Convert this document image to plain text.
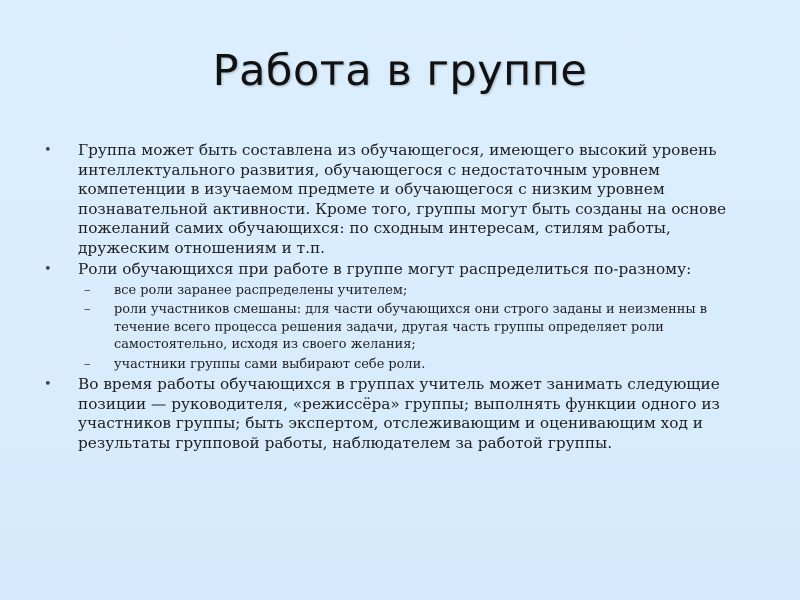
Работа в группе
• Группа может быть составлена из обучающегося, имеющего высокий уровень интеллектуального развития, обучающегося с недостаточным уровнем компетенции в изучаемом предмете и обучающегося с низким уровнем познавательной активности. Кроме того, группы могут быть созданы на основе пожеланий самих обучающихся: по сходным интересам, стилям работы, дружеским отношениям и т.п.
• Роли обучающихся при работе в группе могут распределиться по-разному:
– все роли заранее распределены учителем;
– роли участников смешаны: для части обучающихся они строго заданы и неизменны в течение всего процесса решения задачи, другая часть группы определяет роли самостоятельно, исходя из своего желания;
– участники группы сами выбирают себе роли.
• Во время работы обучающихся в группах учитель может занимать следующие позиции — руководителя, «режиссёра» группы; выполнять функции одного из участников группы; быть экспертом, отслеживающим и оценивающим ход и результаты групповой работы, наблюдателем за работой группы.
